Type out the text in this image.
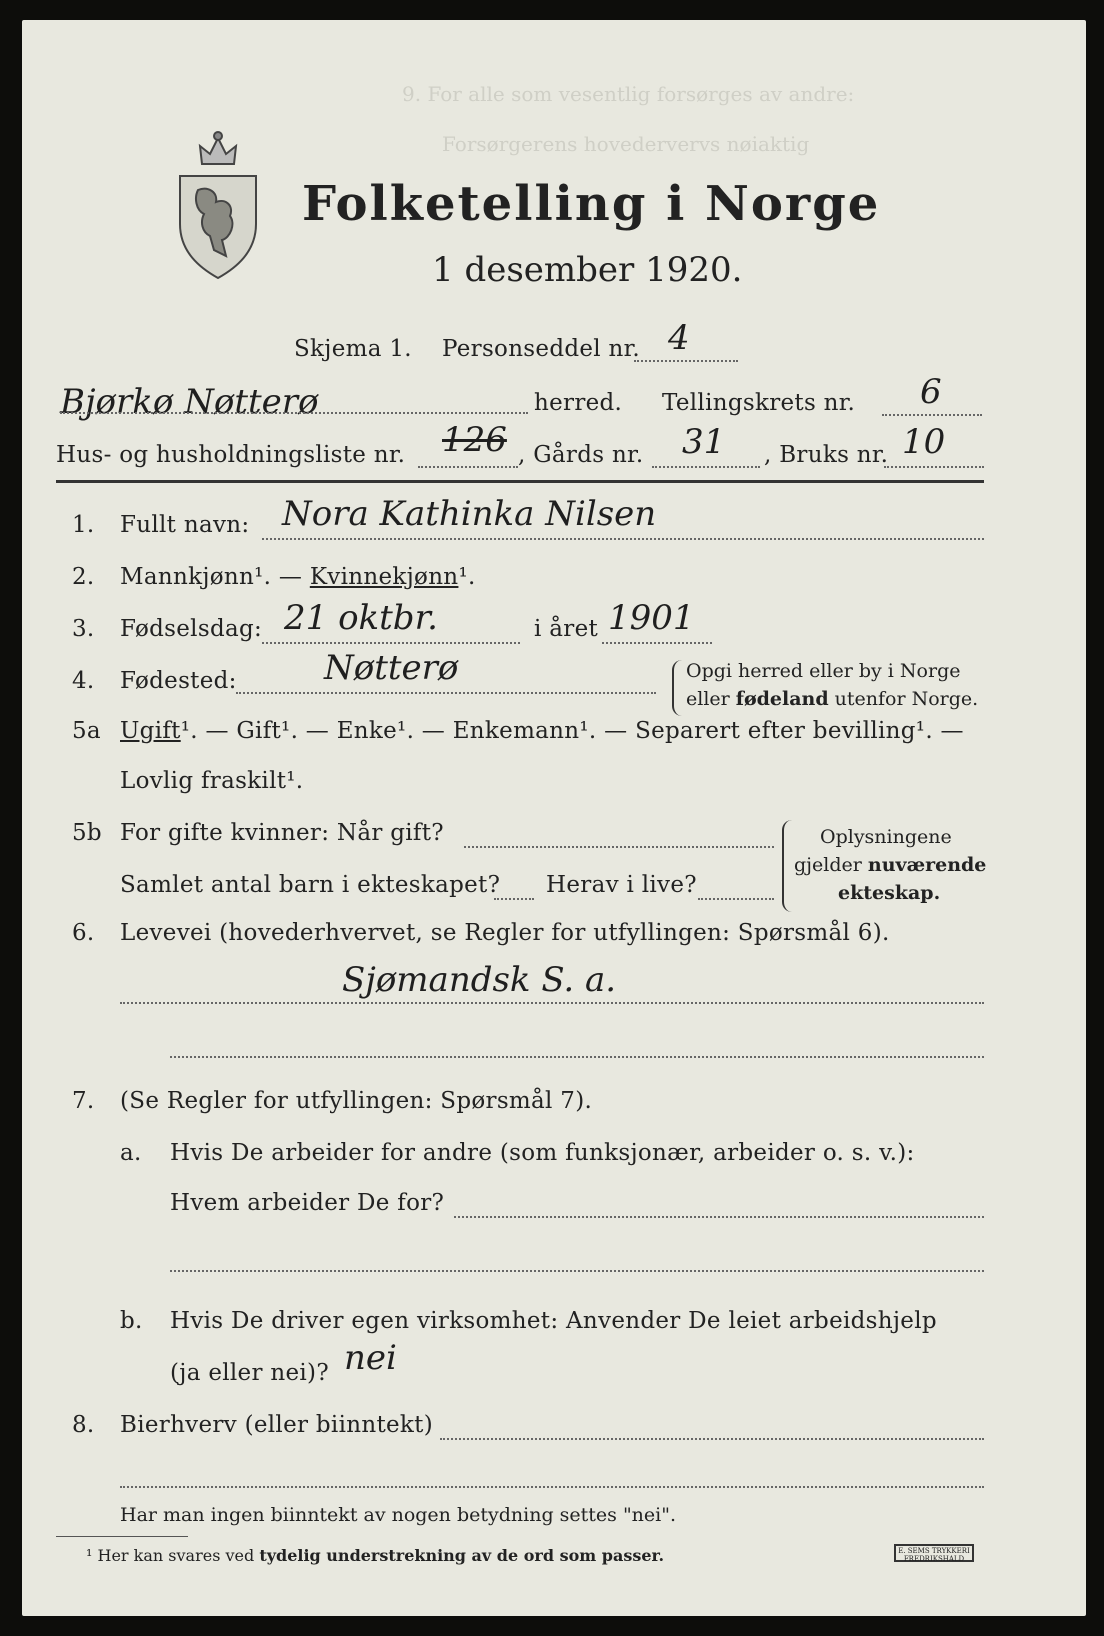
9. For alle som vesentlig forsørges av andre:
Forsørgerens hovedervervs nøiaktig
Folketelling i Norge
1 desember 1920.
Skjema 1. Personseddel nr. 4
Bjørkø Nøtterø	herred. Tellingskrets nr. 6
Hus- og husholdningsliste nr. 126 , Gårds nr. 31 , Bruks nr. 10
1. Fullt navn: Nora Kathinka Nilsen
2. Mannkjønn¹. — Kvinnekjønn¹.
3. Fødselsdag: 21 oktbr.	i året 1901
4. Fødested:	Nøtterø	Opgi herred eller by i Norge
eller fødeland utenfor Norge.
5a Ugift¹. — Gift¹. — Enke¹. — Enkemann¹. — Separert efter bevilling¹. —
Lovlig fraskilt¹.
5b For gifte kvinner: Når gift?
Samlet antal barn i ekteskapet? Herav i live?
Oplysningene
gjelder nuværende
ekteskap.
6. Levevei (hovederhvervet, se Regler for utfyllingen: Spørsmål 6).
Sjømandsk S. a.
7. (Se Regler for utfyllingen: Spørsmål 7).
a. Hvis De arbeider for andre (som funksjonær, arbeider o. s. v.):
Hvem arbeider De for?
b. Hvis De driver egen virksomhet: Anvender De leiet arbeidshjelp
(ja eller nei)? nei
8. Bierhverv (eller biinntekt)
Har man ingen biinntekt av nogen betydning settes "nei".
¹ Her kan svares ved tydelig understrekning av de ord som passer.	E. SEMS TRYKKERI FREDRIKSHALD
